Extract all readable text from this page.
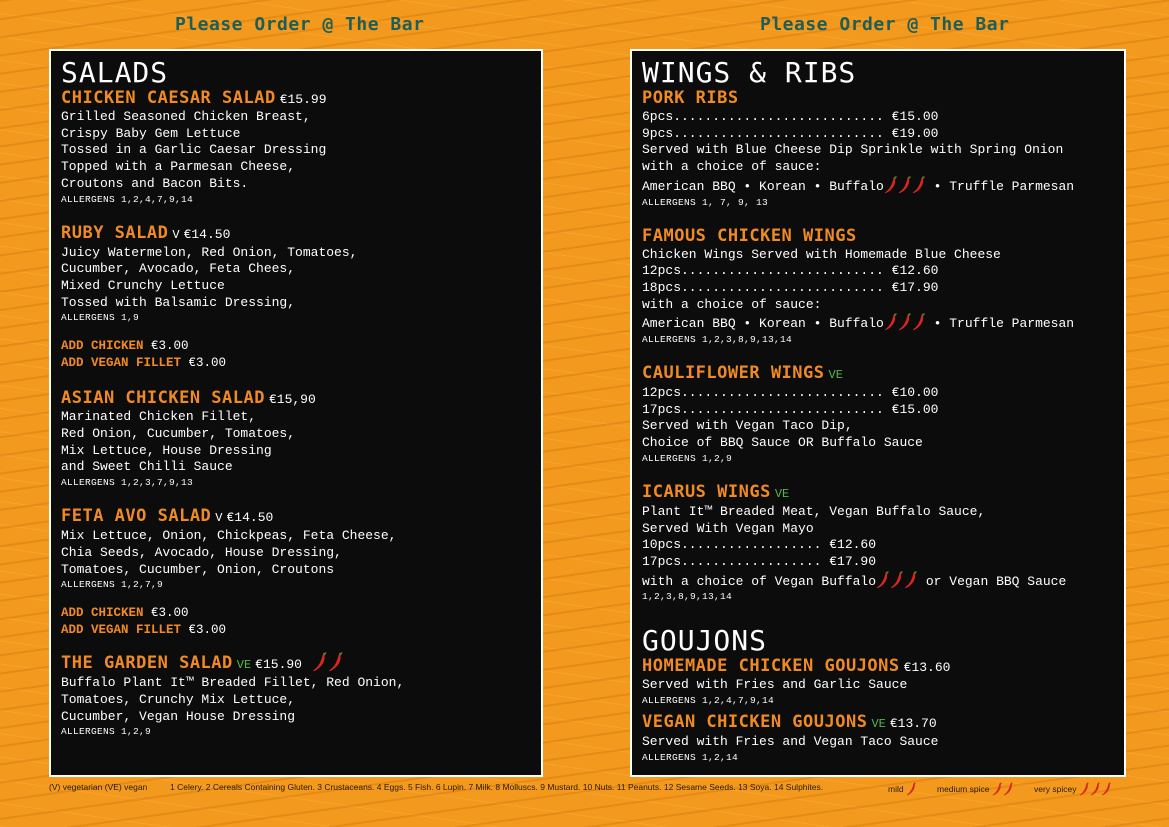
Please Order @ The Bar	Please Order @ The Bar
SALADS
CHICKEN CAESAR SALAD €15.99
Grilled Seasoned Chicken Breast,
Crispy Baby Gem Lettuce
Tossed in a Garlic Caesar Dressing
Topped with a Parmesan Cheese,
Croutons and Bacon Bits.
ALLERGENS 1,2,4,7,9,14
RUBY SALAD V €14.50
Juicy Watermelon, Red Onion, Tomatoes,
Cucumber, Avocado, Feta Chees,
Mixed Crunchy Lettuce
Tossed with Balsamic Dressing,
ALLERGENS 1,9
ADD CHICKEN €3.00
ADD VEGAN FILLET €3.00
ASIAN CHICKEN SALAD €15,90
Marinated Chicken Fillet,
Red Onion, Cucumber, Tomatoes,
Mix Lettuce, House Dressing
and Sweet Chilli Sauce
ALLERGENS 1,2,3,7,9,13
FETA AVO SALAD V €14.50
Mix Lettuce, Onion, Chickpeas, Feta Cheese,
Chia Seeds, Avocado, House Dressing,
Tomatoes, Cucumber, Onion, Croutons
ALLERGENS 1,2,7,9
ADD CHICKEN €3.00
ADD VEGAN FILLET €3.00
THE GARDEN SALAD VE €15.90
Buffalo Plant It™ Breaded Fillet, Red Onion,
Tomatoes, Crunchy Mix Lettuce,
Cucumber, Vegan House Dressing
ALLERGENS 1,2,9
WINGS & RIBS
PORK RIBS
6pcs........................... €15.00
9pcs........................... €19.00
Served with Blue Cheese Dip Sprinkle with Spring Onion
with a choice of sauce:
American BBQ • Korean • Buffalo	• Truffle Parmesan
ALLERGENS 1, 7, 9, 13
FAMOUS CHICKEN WINGS
Chicken Wings Served with Homemade Blue Cheese
12pcs.......................... €12.60
18pcs.......................... €17.90
with a choice of sauce:
American BBQ • Korean • Buffalo	• Truffle Parmesan
ALLERGENS 1,2,3,8,9,13,14
CAULIFLOWER WINGS VE
12pcs.......................... €10.00
17pcs.......................... €15.00
Served with Vegan Taco Dip,
Choice of BBQ Sauce OR Buffalo Sauce
ALLERGENS 1,2,9
ICARUS WINGS VE
Plant It™ Breaded Meat, Vegan Buffalo Sauce,
Served With Vegan Mayo
10pcs.................. €12.60
17pcs.................. €17.90
with a choice of Vegan Buffalo	or Vegan BBQ Sauce
1,2,3,8,9,13,14
GOUJONS
HOMEMADE CHICKEN GOUJONS €13.60
Served with Fries and Garlic Sauce
ALLERGENS 1,2,4,7,9,14
VEGAN CHICKEN GOUJONS VE €13.70
Served with Fries and Vegan Taco Sauce
ALLERGENS 1,2,14
(V) vegetarian (VE) vegan	1 Celery. 2 Cereals Containing Gluten. 3 Crustaceans. 4 Eggs. 5 Fish. 6 Lupin. 7 Milk. 8 Molluscs. 9 Mustard. 10 Nuts. 11 Peanuts. 12 Sesame Seeds. 13 Soya. 14 Sulphites.	mild	medium spice	very spicey
